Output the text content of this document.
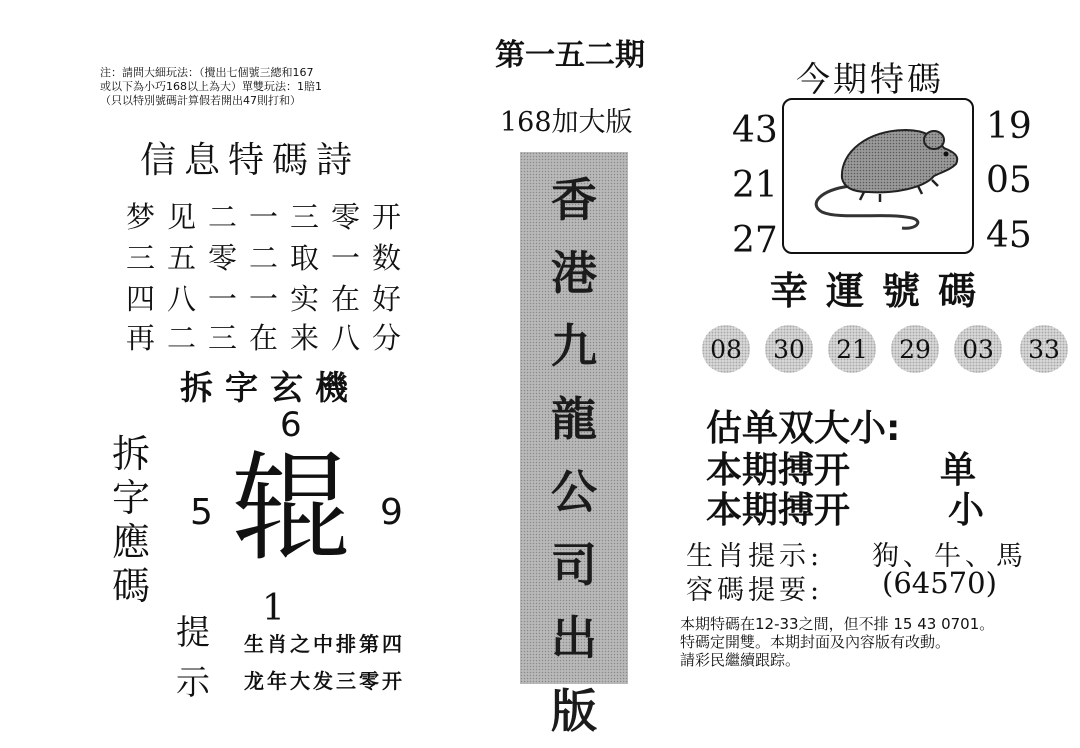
第一五二期
注：請問大細玩法：（攪出七個號三總和167
或以下為小巧168以上為大）單雙玩法：1賠1
（只以特別號碼計算假若開出47則打和）
信息特碼詩
梦见二一三零开
三五零二取一数
四八一一实在好
再二三在来八分
拆字玄機
拆
字
應
碼
6
5	9
辊
1
提
示
生肖之中排第四
龙年大发三零开
168加大版
香
港
九
龍
公
司
出
版
今期特碼
43
21
27
19
05
45
幸運號碼
08	30	21	29	03	33
估单双大小:
本期搏开 单
本期搏开	小
生肖提示: 狗、牛、馬
容碼提要: (64570)
本期特碼在12-33之間，但不排 15 43 0701。
特碼定開雙。本期封面及內容版有改動。
請彩民繼續跟踪。
